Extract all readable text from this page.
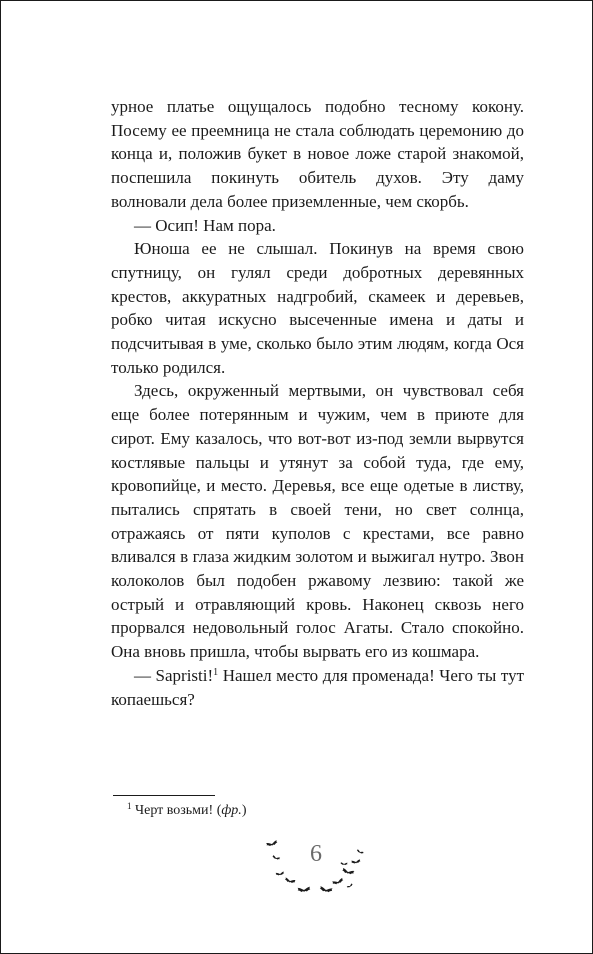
урное платье ощущалось подобно тесному кокону. Посему ее преемница не стала соблюдать церемонию до конца и, положив букет в новое ложе старой знакомой, поспешила покинуть обитель духов. Эту даму волновали дела более приземленные, чем скорбь.

— Осип! Нам пора.

Юноша ее не слышал. Покинув на время свою спутницу, он гулял среди добротных деревянных крестов, аккуратных надгробий, скамеек и деревьев, робко читая искусно высеченные имена и даты и подсчитывая в уме, сколько было этим людям, когда Ося только родился.

Здесь, окруженный мертвыми, он чувствовал себя еще более потерянным и чужим, чем в приюте для сирот. Ему казалось, что вот-вот из-под земли вырвутся костлявые пальцы и утянут за собой туда, где ему, кровопийце, и место. Деревья, все еще одетые в листву, пытались спрятать в своей тени, но свет солнца, отражаясь от пяти куполов с крестами, все равно вливался в глаза жидким золотом и выжигал нутро. Звон колоколов был подобен ржавому лезвию: такой же острый и отравляющий кровь. Наконец сквозь него прорвался недовольный голос Агаты. Стало спокойно. Она вновь пришла, чтобы вырвать его из кошмара.

— Sapristi!$^1$ Нашел место для променада! Чего ты тут копаешься?

$^1$ Черт возьми! (фр.)
6
